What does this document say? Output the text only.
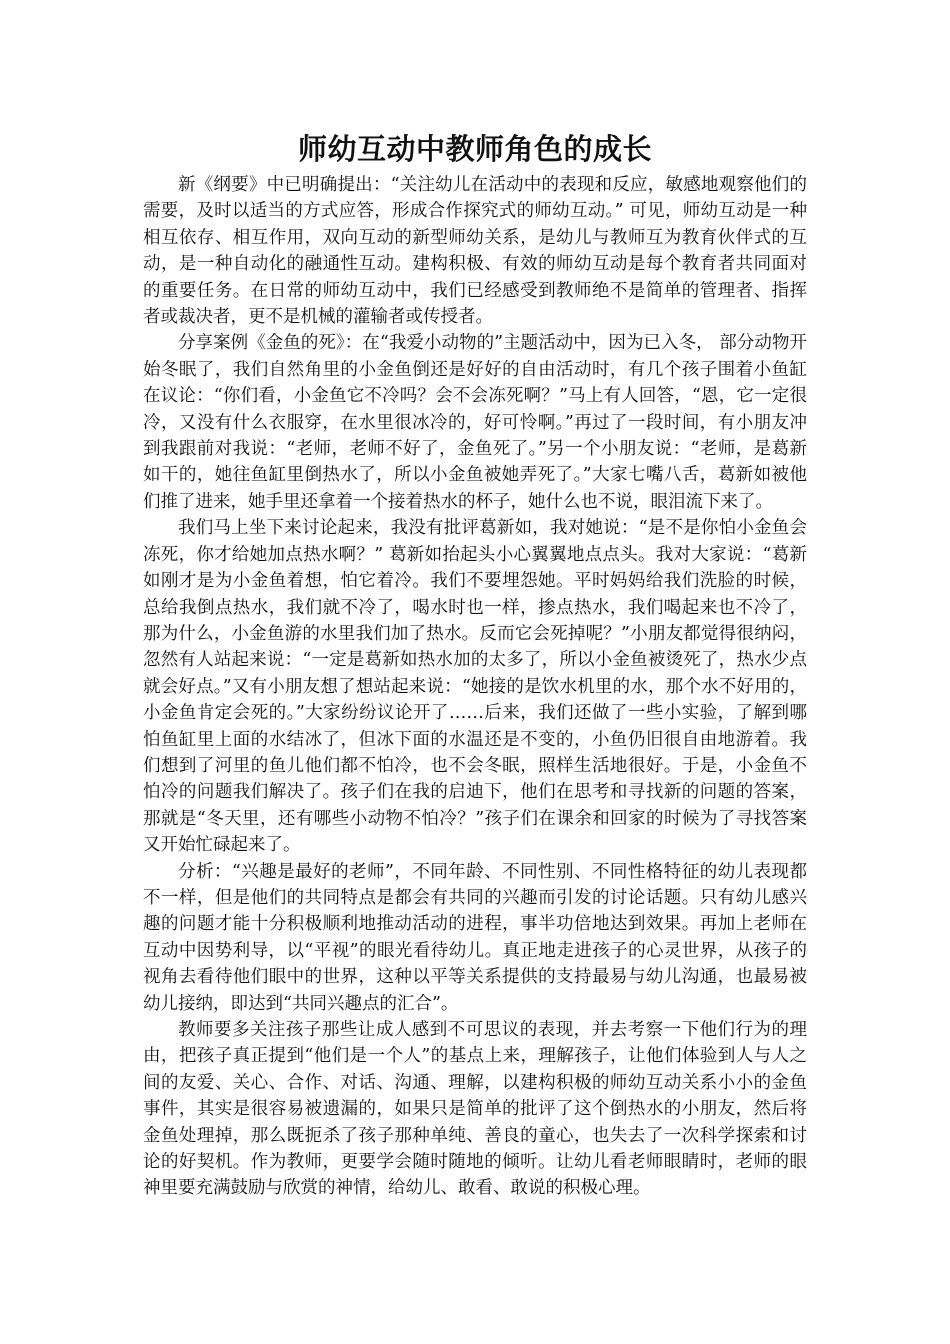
师幼互动中教师角色的成长

新《纲要》中已明确提出：“关注幼儿在活动中的表现和反应，敏感地观察他们的需要，及时以适当的方式应答，形成合作探究式的师幼互动。” 可见，师幼互动是一种相互依存、相互作用，双向互动的新型师幼关系，是幼儿与教师互为教育伙伴式的互动，是一种自动化的融通性互动。建构积极、有效的师幼互动是每个教育者共同面对的重要任务。在日常的师幼互动中，我们已经感受到教师绝不是简单的管理者、指挥者或裁决者，更不是机械的灌输者或传授者。

分享案例《金鱼的死》：在“我爱小动物的”主题活动中，因为已入冬， 部分动物开始冬眠了，我们自然角里的小金鱼倒还是好好的自由活动时，有几个孩子围着小鱼缸在议论：“你们看，小金鱼它不冷吗？会不会冻死啊？”马上有人回答，“恩，它一定很冷，又没有什么衣服穿，在水里很冰冷的，好可怜啊。”再过了一段时间，有小朋友冲到我跟前对我说：“老师，老师不好了，金鱼死了。”另一个小朋友说：“老师，是葛新如干的，她往鱼缸里倒热水了，所以小金鱼被她弄死了。”大家七嘴八舌，葛新如被他们推了进来，她手里还拿着一个接着热水的杯子，她什么也不说，眼泪流下来了。

我们马上坐下来讨论起来，我没有批评葛新如，我对她说：“是不是你怕小金鱼会冻死，你才给她加点热水啊？” 葛新如抬起头小心翼翼地点点头。我对大家说：“葛新如刚才是为小金鱼着想，怕它着冷。我们不要埋怨她。平时妈妈给我们洗脸的时候，总给我倒点热水，我们就不冷了，喝水时也一样，掺点热水，我们喝起来也不冷了，那为什么，小金鱼游的水里我们加了热水。反而它会死掉呢？”小朋友都觉得很纳闷，忽然有人站起来说：“一定是葛新如热水加的太多了，所以小金鱼被烫死了，热水少点就会好点。”又有小朋友想了想站起来说：“她接的是饮水机里的水，那个水不好用的，小金鱼肯定会死的。”大家纷纷议论开了……后来，我们还做了一些小实验，了解到哪怕鱼缸里上面的水结冰了，但冰下面的水温还是不变的，小鱼仍旧很自由地游着。我们想到了河里的鱼儿他们都不怕冷，也不会冬眠，照样生活地很好。于是，小金鱼不怕冷的问题我们解决了。孩子们在我的启迪下，他们在思考和寻找新的问题的答案，那就是“冬天里，还有哪些小动物不怕冷？”孩子们在课余和回家的时候为了寻找答案又开始忙碌起来了。

分析：“兴趣是最好的老师”，不同年龄、不同性别、不同性格特征的幼儿表现都不一样，但是他们的共同特点是都会有共同的兴趣而引发的讨论话题。只有幼儿感兴趣的问题才能十分积极顺利地推动活动的进程，事半功倍地达到效果。再加上老师在互动中因势利导，以“平视”的眼光看待幼儿。真正地走进孩子的心灵世界，从孩子的视角去看待他们眼中的世界，这种以平等关系提供的支持最易与幼儿沟通，也最易被幼儿接纳，即达到“共同兴趣点的汇合”。

教师要多关注孩子那些让成人感到不可思议的表现，并去考察一下他们行为的理由，把孩子真正提到“他们是一个人”的基点上来，理解孩子，让他们体验到人与人之间的友爱、关心、合作、对话、沟通、理解，以建构积极的师幼互动关系小小的金鱼事件，其实是很容易被遗漏的，如果只是简单的批评了这个倒热水的小朋友，然后将金鱼处理掉，那么既扼杀了孩子那种单纯、善良的童心，也失去了一次科学探索和讨论的好契机。作为教师，更要学会随时随地的倾听。让幼儿看老师眼睛时，老师的眼神里要充满鼓励与欣赏的神情，给幼儿、敢看、敢说的积极心理。
